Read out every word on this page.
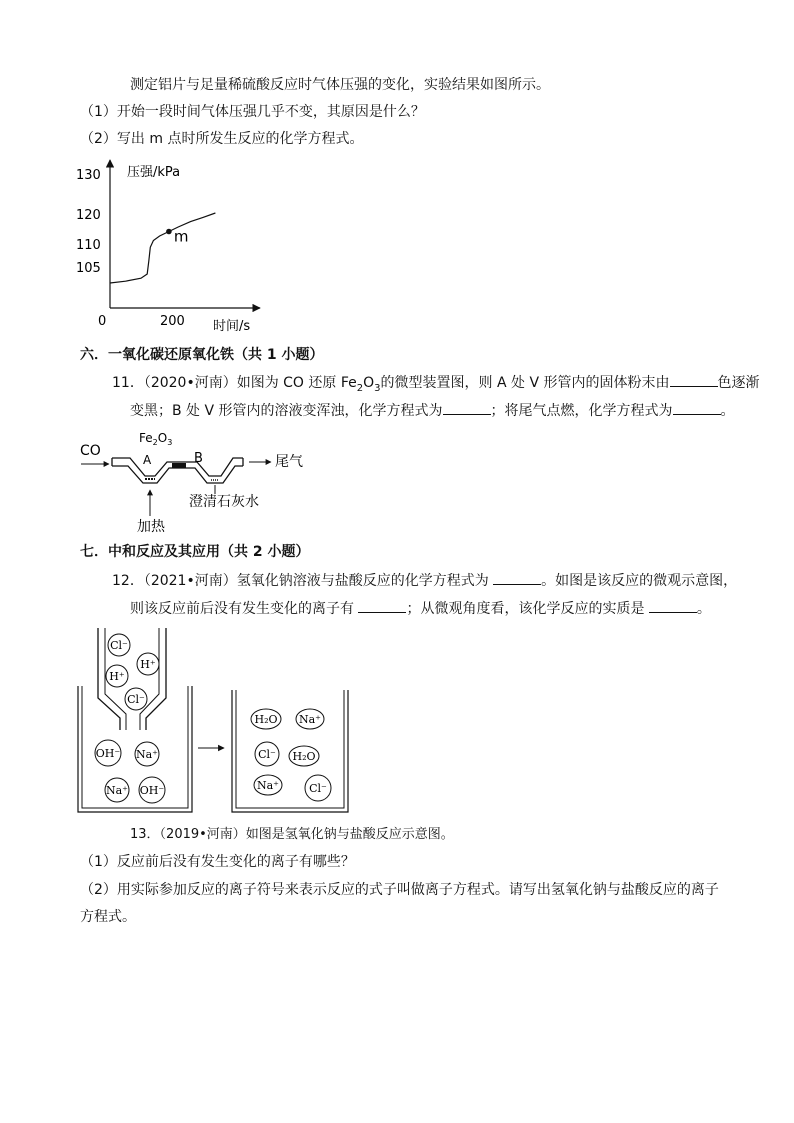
测定铝片与足量稀硫酸反应时气体压强的变化，实验结果如图所示。
（1）开始一段时间气体压强几乎不变，其原因是什么？
（2）写出 m 点时所发生反应的化学方程式。
压强/kPa
时间/s
130
120
110
105
0	200
m
六．一氧化碳还原氧化铁（共 1 小题）
11．（2020•河南）如图为 CO 还原 $Fe_2O_3$的微型装置图，则 A 处 V 形管内的固体粉末由	色逐渐
变黑；B 处 V 形管内的溶液变浑浊，化学方程式为	；将尾气点燃，化学方程式为	。
CO
$Fe_2O_3$
A	B	尾气
澄清石灰水
加热
七．中和反应及其应用（共 2 小题）
12．（2021•河南）氢氧化钠溶液与盐酸反应的化学方程式为	。如图是该反应的微观示意图，
则该反应前后没有发生变化的离子有	；从微观角度看，该化学反应的实质是	。
Cl⁻
H⁺
H⁺
Cl⁻
OH⁻ Na⁺
Na⁺ OH⁻
H₂O Na⁺
Cl⁻ H₂O
Na⁺	Cl⁻
13．（2019•河南）如图是氢氧化钠与盐酸反应示意图。
（1）反应前后没有发生变化的离子有哪些？
（2）用实际参加反应的离子符号来表示反应的式子叫做离子方程式。请写出氢氧化钠与盐酸反应的离子
方程式。
